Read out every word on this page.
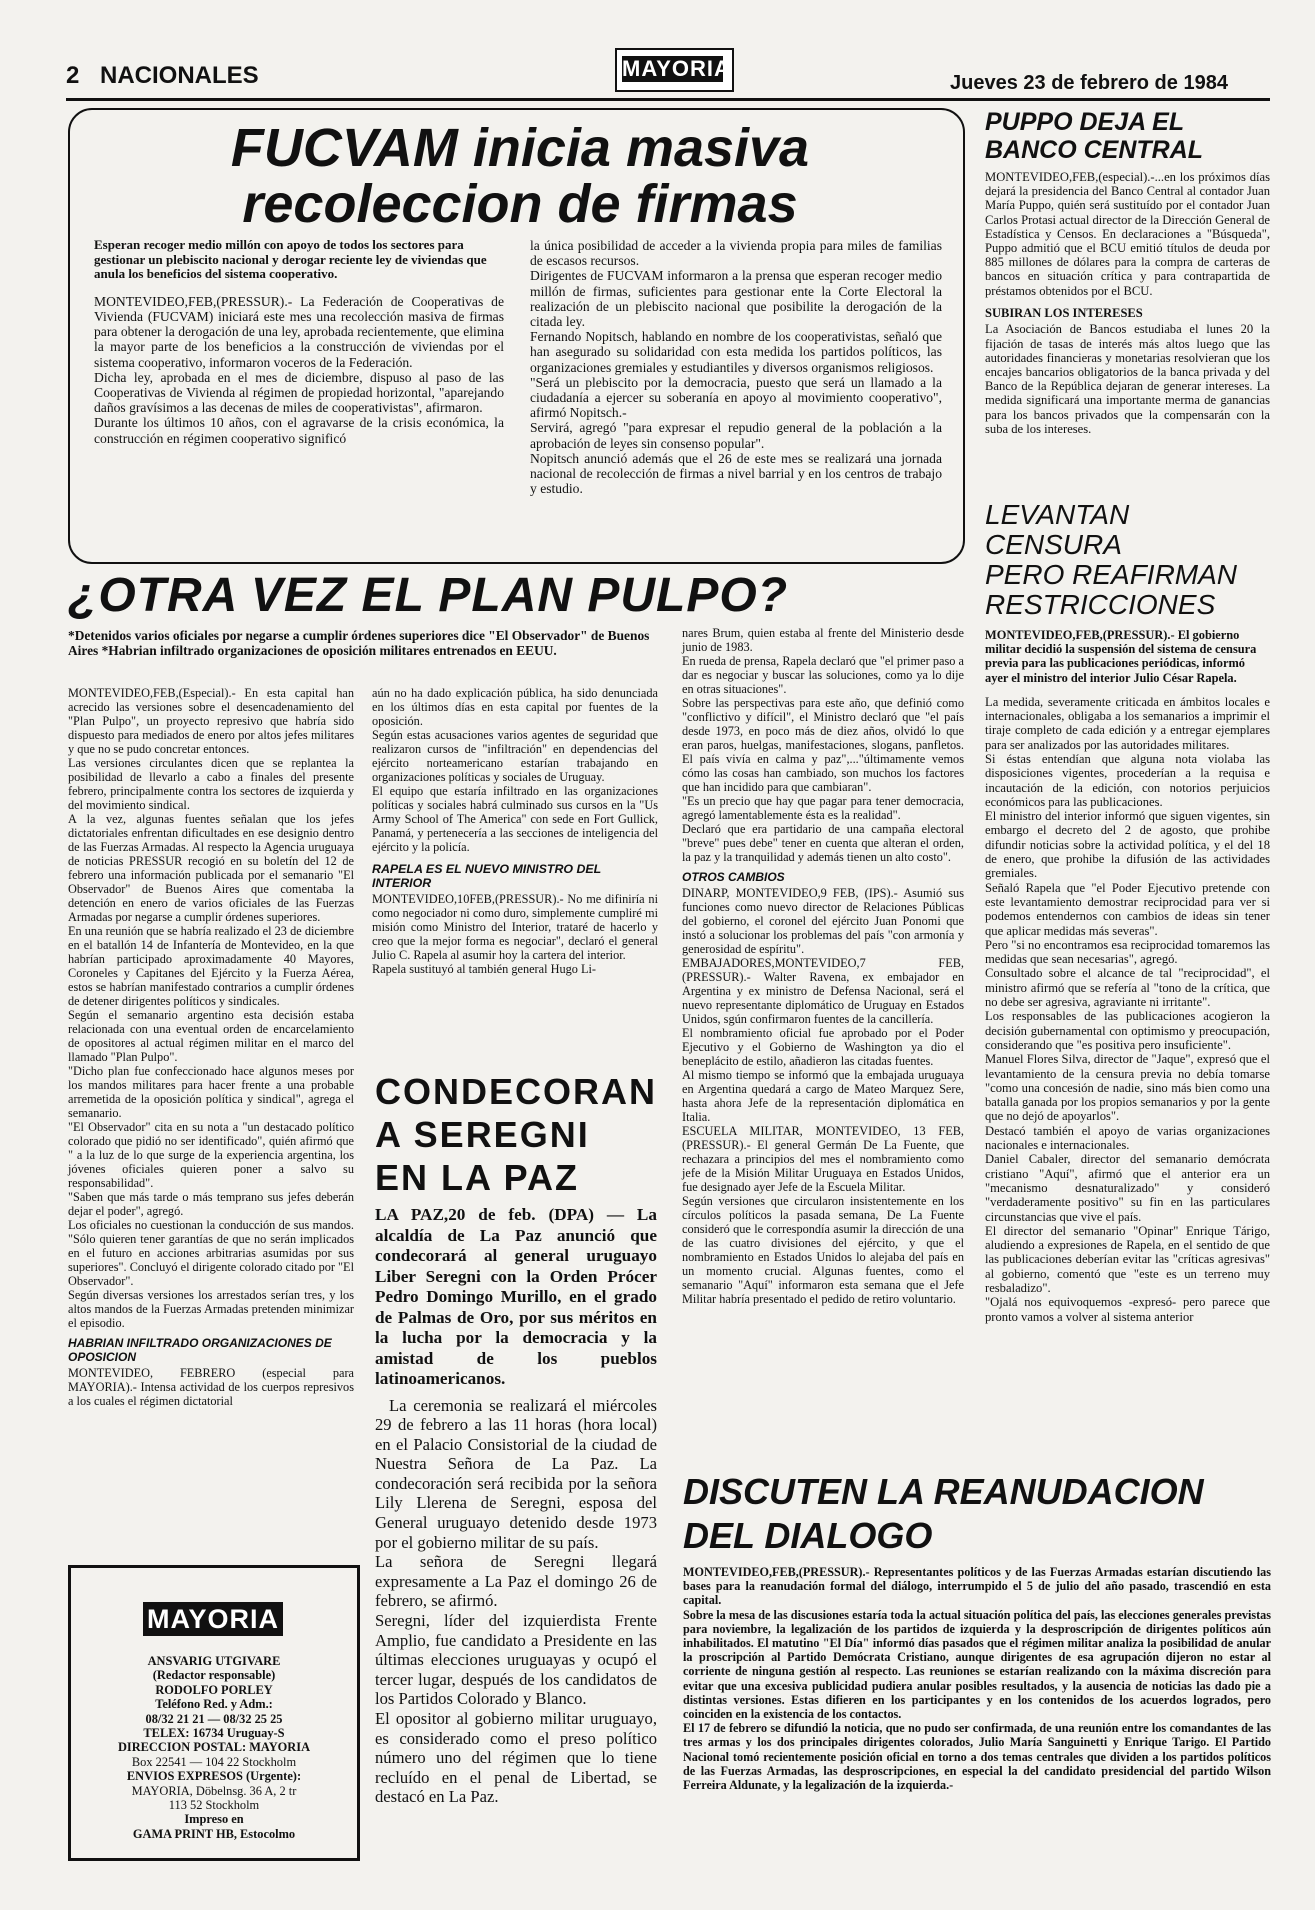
2 NACIONALES	MAYORIA
Jueves 23 de febrero de 1984
FUCVAM inicia masiva
recoleccion de firmas

Esperan recoger medio millón con apoyo de todos los sectores para gestionar un plebiscito nacional y derogar reciente ley de viviendas que anula los beneficios del sistema cooperativo.

MONTEVIDEO,FEB,(PRESSUR).- La Federación de Cooperativas de Vivienda (FUCVAM) iniciará este mes una recolección masiva de firmas para obtener la derogación de una ley, aprobada recientemente, que elimina la mayor parte de los beneficios a la construcción de viviendas por el sistema cooperativo, informaron voceros de la Federación.
Dicha ley, aprobada en el mes de diciembre, dispuso al paso de las Cooperativas de Vivienda al régimen de propiedad horizontal, "aparejando daños gravísimos a las decenas de miles de cooperativistas", afirmaron.
Durante los últimos 10 años, con el agravarse de la crisis económica, la construcción en régimen cooperativo significó

la única posibilidad de acceder a la vivienda propia para miles de familias de escasos recursos.
Dirigentes de FUCVAM informaron a la prensa que esperan recoger medio millón de firmas, suficientes para gestionar ente la Corte Electoral la realización de un plebiscito nacional que posibilite la derogación de la citada ley.
Fernando Nopitsch, hablando en nombre de los cooperativistas, señaló que han asegurado su solidaridad con esta medida los partidos políticos, las organizaciones gremiales y estudiantiles y diversos organismos religiosos.
"Será un plebiscito por la democracia, puesto que será un llamado a la ciudadanía a ejercer su soberanía en apoyo al movimiento cooperativo", afirmó Nopitsch.-
Servirá, agregó "para expresar el repudio general de la población a la aprobación de leyes sin consenso popular".
Nopitsch anunció además que el 26 de este mes se realizará una jornada nacional de recolección de firmas a nivel barrial y en los centros de trabajo y estudio.

PUPPO DEJA EL
BANCO CENTRAL

MONTEVIDEO,FEB,(especial).-...en los próximos días dejará la presidencia del Banco Central al contador Juan María Puppo, quién será sustituído por el contador Juan Carlos Protasi actual director de la Dirección General de Estadística y Censos. En declaraciones a "Búsqueda", Puppo admitió que el BCU emitió títulos de deuda por 885 millones de dólares para la compra de carteras de bancos en situación crítica y para contrapartida de préstamos obtenidos por el BCU.

SUBIRAN LOS INTERESES

La Asociación de Bancos estudiaba el lunes 20 la fijación de tasas de interés más altos luego que las autoridades financieras y monetarias resolvieran que los encajes bancarios obligatorios de la banca privada y del Banco de la República dejaran de generar intereses. La medida significará una importante merma de ganancias para los bancos privados que la compensarán con la suba de los intereses.

LEVANTAN
CENSURA
PERO REAFIRMAN
RESTRICCIONES

MONTEVIDEO,FEB,(PRESSUR).- El gobierno militar decidió la suspensión del sistema de censura previa para las publicaciones periódicas, informó ayer el ministro del interior Julio César Rapela.

La medida, severamente criticada en ámbitos locales e internacionales, obligaba a los semanarios a imprimir el tiraje completo de cada edición y a entregar ejemplares para ser analizados por las autoridades militares.
Si éstas entendían que alguna nota violaba las disposiciones vigentes, procederían a la requisa e incautación de la edición, con notorios perjuicios económicos para las publicaciones.
El ministro del interior informó que siguen vigentes, sin embargo el decreto del 2 de agosto, que prohibe difundir noticias sobre la actividad política, y el del 18 de enero, que prohibe la difusión de las actividades gremiales.
Señaló Rapela que "el Poder Ejecutivo pretende con este levantamiento demostrar reciprocidad para ver si podemos entendernos con cambios de ideas sin tener que aplicar medidas más severas".
Pero "si no encontramos esa reciprocidad tomaremos las medidas que sean necesarias", agregó.
Consultado sobre el alcance de tal "reciprocidad", el ministro afirmó que se refería al "tono de la crítica, que no debe ser agresiva, agraviante ni irritante".
Los responsables de las publicaciones acogieron la decisión gubernamental con optimismo y preocupación, considerando que "es positiva pero insuficiente".
Manuel Flores Silva, director de "Jaque", expresó que el levantamiento de la censura previa no debía tomarse "como una concesión de nadie, sino más bien como una batalla ganada por los propios semanarios y por la gente que no dejó de apoyarlos".
Destacó también el apoyo de varias organizaciones nacionales e internacionales.
Daniel Cabaler, director del semanario demócrata cristiano "Aquí", afirmó que el anterior era un "mecanismo desnaturalizado" y consideró "verdaderamente positivo" su fin en las particulares circunstancias que vive el país.
El director del semanario "Opinar" Enrique Tárigo, aludiendo a expresiones de Rapela, en el sentido de que las publicaciones deberían evitar las "críticas agresivas" al gobierno, comentó que "este es un terreno muy resbaladizo".
"Ojalá nos equivoquemos -expresó- pero parece que pronto vamos a volver al sistema anterior

¿OTRA VEZ EL PLAN PULPO?
*Detenidos varios oficiales por negarse a cumplir órdenes superiores dice "El Observador" de Buenos Aires *Habrian infiltrado organizaciones de oposición militares entrenados en EEUU.

MONTEVIDEO,FEB,(Especial).- En esta capital han acrecido las versiones sobre el desencadenamiento del "Plan Pulpo", un proyecto represivo que habría sido dispuesto para mediados de enero por altos jefes militares y que no se pudo concretar entonces.
Las versiones circulantes dicen que se replantea la posibilidad de llevarlo a cabo a finales del presente febrero, principalmente contra los sectores de izquierda y del movimiento sindical.
A la vez, algunas fuentes señalan que los jefes dictatoriales enfrentan dificultades en ese designio dentro de las Fuerzas Armadas. Al respecto la Agencia uruguaya de noticias PRESSUR recogió en su boletín del 12 de febrero una información publicada por el semanario "El Observador" de Buenos Aires que comentaba la detención en enero de varios oficiales de las Fuerzas Armadas por negarse a cumplir órdenes superiores.
En una reunión que se habría realizado el 23 de diciembre en el batallón 14 de Infantería de Montevideo, en la que habrían participado aproximadamente 40 Mayores, Coroneles y Capitanes del Ejército y la Fuerza Aérea, estos se habrían manifestado contrarios a cumplir órdenes de detener dirigentes políticos y sindicales.
Según el semanario argentino esta decisión estaba relacionada con una eventual orden de encarcelamiento de opositores al actual régimen militar en el marco del llamado "Plan Pulpo".
"Dicho plan fue confeccionado hace algunos meses por los mandos militares para hacer frente a una probable arremetida de la oposición política y sindical", agrega el semanario.
"El Observador" cita en su nota a "un destacado político colorado que pidió no ser identificado", quién afirmó que " a la luz de lo que surge de la experiencia argentina, los jóvenes oficiales quieren poner a salvo su responsabilidad".
"Saben que más tarde o más temprano sus jefes deberán dejar el poder", agregó.
Los oficiales no cuestionan la conducción de sus mandos. "Sólo quieren tener garantías de que no serán implicados en el futuro en acciones arbitrarias asumidas por sus superiores". Concluyó el dirigente colorado citado por "El Observador".
Según diversas versiones los arrestados serían tres, y los altos mandos de la Fuerzas Armadas pretenden minimizar el episodio.

HABRIAN INFILTRADO ORGANIZACIONES DE OPOSICION

MONTEVIDEO, FEBRERO (especial para MAYORIA).- Intensa actividad de los cuerpos represivos a los cuales el régimen dictatorial

aún no ha dado explicación pública, ha sido denunciada en los últimos días en esta capital por fuentes de la oposición.
Según estas acusaciones varios agentes de seguridad que realizaron cursos de "infiltración" en dependencias del ejército norteamericano estarían trabajando en organizaciones políticas y sociales de Uruguay.
El equipo que estaría infiltrado en las organizaciones políticas y sociales habrá culminado sus cursos en la "Us Army School of The America" con sede en Fort Gullick, Panamá, y pertenecería a las secciones de inteligencia del ejército y la policía.

RAPELA ES EL NUEVO MINISTRO DEL INTERIOR

MONTEVIDEO,10FEB,(PRESSUR).- No me difiniría ni como negociador ni como duro, simplemente cumpliré mi misión como Ministro del Interior, trataré de hacerlo y creo que la mejor forma es negociar", declaró el general Julio C. Rapela al asumir hoy la cartera del interior.
Rapela sustituyó al también general Hugo Li-

nares Brum, quien estaba al frente del Ministerio desde junio de 1983.
En rueda de prensa, Rapela declaró que "el primer paso a dar es negociar y buscar las soluciones, como ya lo dije en otras situaciones".
Sobre las perspectivas para este año, que definió como "conflictivo y difícil", el Ministro declaró que "el país desde 1973, en poco más de diez años, olvidó lo que eran paros, huelgas, manifestaciones, slogans, panfletos. El país vivía en calma y paz",..."últimamente vemos cómo las cosas han cambiado, son muchos los factores que han incidido para que cambiaran".
"Es un precio que hay que pagar para tener democracia, agregó lamentablemente ésta es la realidad".
Declaró que era partidario de una campaña electoral "breve" pues debe" tener en cuenta que alteran el orden, la paz y la tranquilidad y además tienen un alto costo".

OTROS CAMBIOS

DINARP, MONTEVIDEO,9 FEB, (IPS).- Asumió sus funciones como nuevo director de Relaciones Públicas del gobierno, el coronel del ejército Juan Ponomi que instó a solucionar los problemas del país "con armonía y generosidad de espíritu".
EMBAJADORES,MONTEVIDEO,7 FEB, (PRESSUR).- Walter Ravena, ex embajador en Argentina y ex ministro de Defensa Nacional, será el nuevo representante diplomático de Uruguay en Estados Unidos, sgún confirmaron fuentes de la cancillería.
El nombramiento oficial fue aprobado por el Poder Ejecutivo y el Gobierno de Washington ya dio el beneplácito de estilo, añadieron las citadas fuentes.
Al mismo tiempo se informó que la embajada uruguaya en Argentina quedará a cargo de Mateo Marquez Sere, hasta ahora Jefe de la representación diplomática en Italia.
ESCUELA MILITAR, MONTEVIDEO, 13 FEB,(PRESSUR).- El general Germán De La Fuente, que rechazara a principios del mes el nombramiento como jefe de la Misión Militar Uruguaya en Estados Unidos, fue designado ayer Jefe de la Escuela Militar.
Según versiones que circularon insistentemente en los círculos políticos la pasada semana, De La Fuente consideró que le correspondía asumir la dirección de una de las cuatro divisiones del ejército, y que el nombramiento en Estados Unidos lo alejaba del país en un momento crucial. Algunas fuentes, como el semanario "Aquí" informaron esta semana que el Jefe Militar habría presentado el pedido de retiro voluntario.

CONDECORAN
A SEREGNI
EN LA PAZ

LA PAZ,20 de feb. (DPA) — La alcaldía de La Paz anunció que condecorará al general uruguayo Liber Seregni con la Orden Prócer Pedro Domingo Murillo, en el grado de Palmas de Oro, por sus méritos en la lucha por la democracia y la amistad de los pueblos latinoamericanos.

La ceremonia se realizará el miércoles 29 de febrero a las 11 horas (hora local) en el Palacio Consistorial de la ciudad de Nuestra Señora de La Paz. La condecoración será recibida por la señora Lily Llerena de Seregni, esposa del General uruguayo detenido desde 1973 por el gobierno militar de su país.
La señora de Seregni llegará expresamente a La Paz el domingo 26 de febrero, se afirmó.
Seregni, líder del izquierdista Frente Amplio, fue candidato a Presidente en las últimas elecciones uruguayas y ocupó el tercer lugar, después de los candidatos de los Partidos Colorado y Blanco.
El opositor al gobierno militar uruguayo, es considerado como el preso político número uno del régimen que lo tiene recluído en el penal de Libertad, se destacó en La Paz.

MAYORIA
ANSVARIG UTGIVARE
(Redactor responsable)
RODOLFO PORLEY
Teléfono Red. y Adm.:
08/32 21 21 — 08/32 25 25
TELEX: 16734 Uruguay-S
DIRECCION POSTAL: MAYORIA
Box 22541 — 104 22 Stockholm
ENVIOS EXPRESOS (Urgente):
MAYORIA, Döbelnsg. 36 A, 2 tr
113 52 Stockholm
Impreso en
GAMA PRINT HB, Estocolmo
DISCUTEN LA REANUDACION
DEL DIALOGO

MONTEVIDEO,FEB,(PRESSUR).- Representantes políticos y de las Fuerzas Armadas estarían discutiendo las bases para la reanudación formal del diálogo, interrumpido el 5 de julio del año pasado, trascendió en esta capital.
Sobre la mesa de las discusiones estaría toda la actual situación política del país, las elecciones generales previstas para noviembre, la legalización de los partidos de izquierda y la desproscripción de dirigentes políticos aún inhabilitados. El matutino "El Día" informó días pasados que el régimen militar analiza la posibilidad de anular la proscripción al Partido Demócrata Cristiano, aunque dirigentes de esa agrupación dijeron no estar al corriente de ninguna gestión al respecto. Las reuniones se estarían realizando con la máxima discreción para evitar que una excesiva publicidad pudiera anular posibles resultados, y la ausencia de noticias las dado pie a distintas versiones. Estas difieren en los participantes y en los contenidos de los acuerdos logrados, pero coinciden en la existencia de los contactos.
El 17 de febrero se difundió la noticia, que no pudo ser confirmada, de una reunión entre los comandantes de las tres armas y los dos principales dirigentes colorados, Julio María Sanguinetti y Enrique Tarigo. El Partido Nacional tomó recientemente posición oficial en torno a dos temas centrales que dividen a los partidos políticos de las Fuerzas Armadas, las desproscripciones, en especial la del candidato presidencial del partido Wilson Ferreira Aldunate, y la legalización de la izquierda.-
